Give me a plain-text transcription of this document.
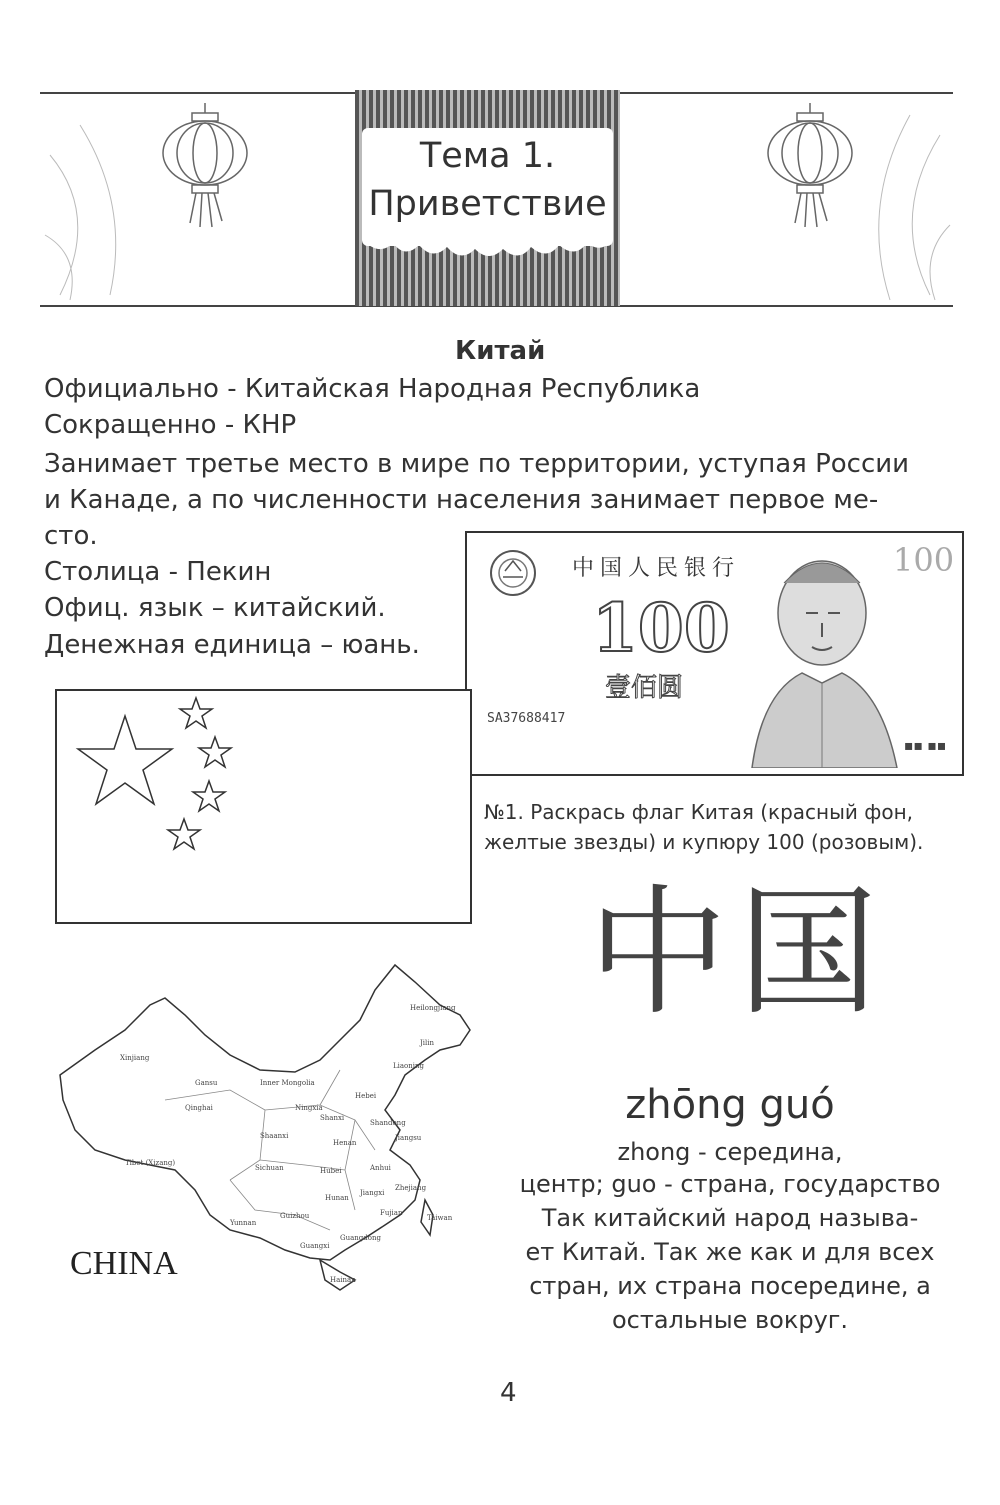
Тема 1.
Приветствие
Китай
Официально - Китайская Народная Республика
Сокращенно - КНР
Занимает третье место в мире по территории, уступая России
и Канаде, а по численности населения занимает первое ме-
сто.
Столица - Пекин
Офиц. язык – китайский.
Денежная единица – юань.
中国人民银行
100
壹佰圆
SA37688417
100
▪▪ ▪▪
№1. Раскрась флаг Китая (красный фон,
желтые звезды) и купюру 100 (розовым).
中国
zhōng guó
zhong - середина,
центр; guo - страна, государство
Так китайский народ называ-
ет Китай. Так же как и для всех
стран, их страна посередине, а
остальные вокруг.
Xinjiang
Gansu	Inner Mongolia
Qinghai
Heilongjiang
Jilin
Liaoning
Hebei
Shandong
Tibet (Xizang)
Sichuan
Shaanxi
Henan
Jiangsu
Anhui
Hubei
Zhejiang
Hunan
Jiangxi
Fujian
Yunnan
Guizhou
Guangxi
Guangdong
Taiwan
Hainan
Ningxia
Shanxi
CHINA
4
